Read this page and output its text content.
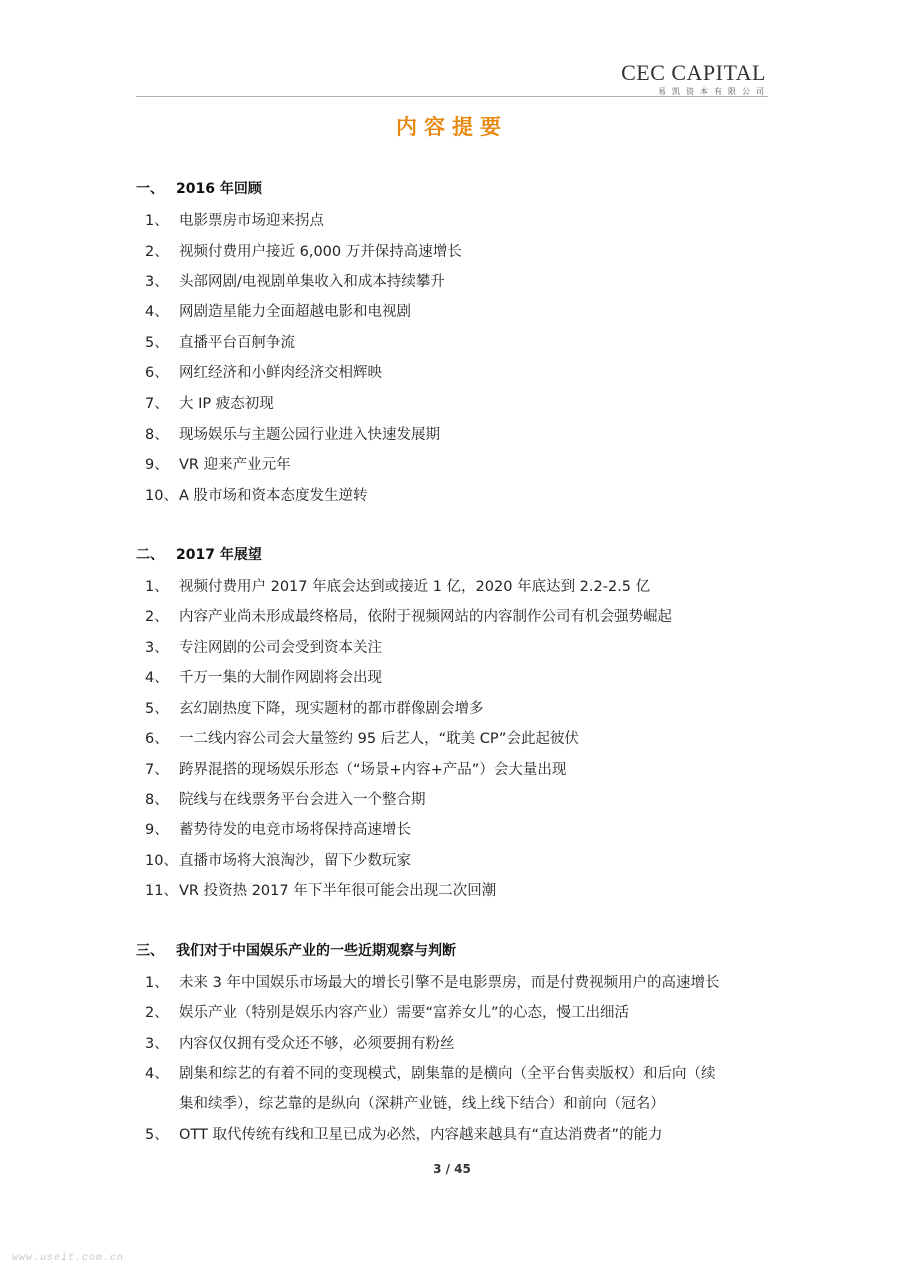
CEC CAPITAL
易凯资本有限公司
内容提要
一、 2016 年回顾
1、 电影票房市场迎来拐点
2、 视频付费用户接近 6,000 万并保持高速增长
3、 头部网剧/电视剧单集收入和成本持续攀升
4、 网剧造星能力全面超越电影和电视剧
5、 直播平台百舸争流
6、 网红经济和小鲜肉经济交相辉映
7、 大 IP 疲态初现
8、 现场娱乐与主题公园行业进入快速发展期
9、 VR 迎来产业元年
10、A 股市场和资本态度发生逆转
二、 2017 年展望
1、 视频付费用户 2017 年底会达到或接近 1 亿，2020 年底达到 2.2-2.5 亿
2、 内容产业尚未形成最终格局，依附于视频网站的内容制作公司有机会强势崛起
3、 专注网剧的公司会受到资本关注
4、 千万一集的大制作网剧将会出现
5、 玄幻剧热度下降，现实题材的都市群像剧会增多
6、 一二线内容公司会大量签约 95 后艺人，“耽美 CP”会此起彼伏
7、 跨界混搭的现场娱乐形态（“场景+内容+产品”）会大量出现
8、 院线与在线票务平台会进入一个整合期
9、 蓄势待发的电竞市场将保持高速增长
10、直播市场将大浪淘沙，留下少数玩家
11、VR 投资热 2017 年下半年很可能会出现二次回潮
三、 我们对于中国娱乐产业的一些近期观察与判断
1、 未来 3 年中国娱乐市场最大的增长引擎不是电影票房，而是付费视频用户的高速增长
2、 娱乐产业（特别是娱乐内容产业）需要“富养女儿”的心态，慢工出细活
3、 内容仅仅拥有受众还不够，必须要拥有粉丝
4、 剧集和综艺的有着不同的变现模式，剧集靠的是横向（全平台售卖版权）和后向（续
集和续季），综艺靠的是纵向（深耕产业链，线上线下结合）和前向（冠名）
5、 OTT 取代传统有线和卫星已成为必然，内容越来越具有“直达消费者”的能力
3 / 45
www.useit.com.cn
